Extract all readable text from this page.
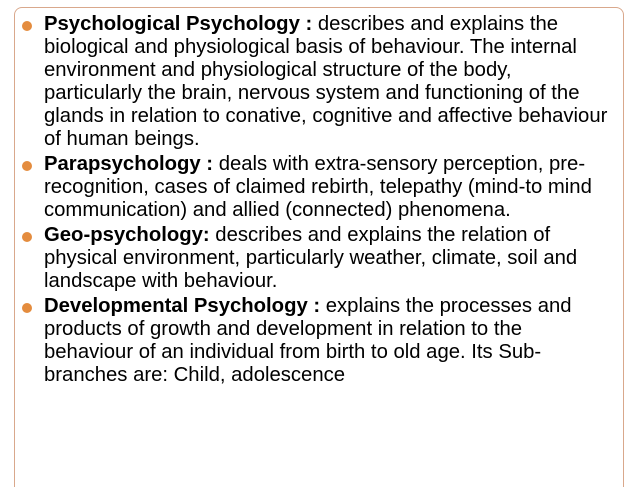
Psychological Psychology : describes and explains the biological and physiological basis of behaviour. The internal environment and physiological structure of the body, particularly the brain, nervous system and functioning of the glands in relation to conative, cognitive and affective behaviour of human beings.
Parapsychology : deals with extra-sensory perception, pre-recognition, cases of claimed rebirth, telepathy (mind-to mind communication) and allied (connected) phenomena.
Geo-psychology: describes and explains the relation of physical environment, particularly weather, climate, soil and landscape with behaviour.
Developmental Psychology : explains the processes and products of growth and development in relation to the behaviour of an individual from birth to old age. Its Sub-branches are: Child, adolescence
